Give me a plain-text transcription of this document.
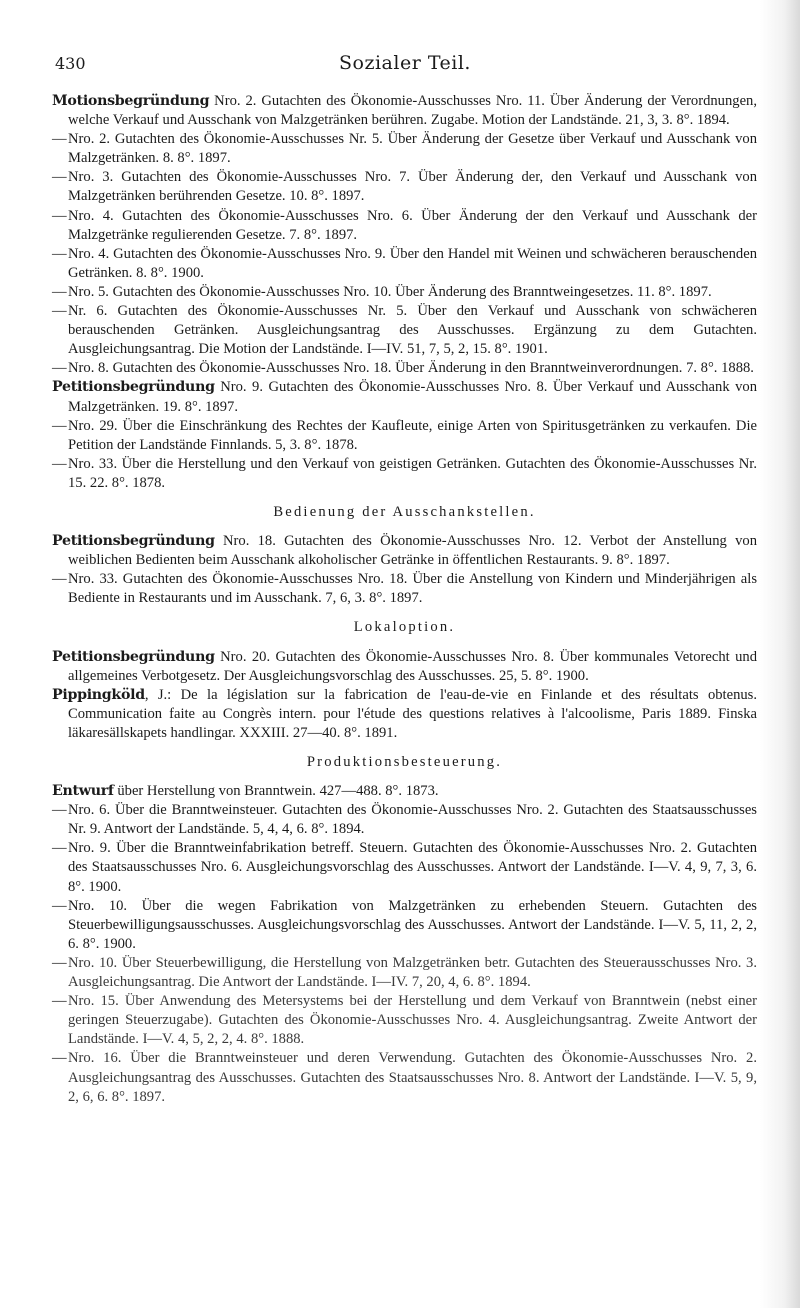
430	Sozialer Teil.

Motionsbegründung Nro. 2. Gutachten des Ökonomie-Ausschusses Nro. 11. Über Änderung der Verordnungen, welche Verkauf und Ausschank von Malzgetränken berühren. Zugabe. Motion der Landstände. 21, 3, 3. 8°. 1894.

—Nro. 2. Gutachten des Ökonomie-Ausschusses Nr. 5. Über Änderung der Gesetze über Verkauf und Ausschank von Malzgetränken. 8. 8°. 1897.

—Nro. 3. Gutachten des Ökonomie-Ausschusses Nro. 7. Über Änderung der, den Verkauf und Ausschank von Malzgetränken berührenden Gesetze. 10. 8°. 1897.

—Nro. 4. Gutachten des Ökonomie-Ausschusses Nro. 6. Über Änderung der den Verkauf und Ausschank der Malzgetränke regulierenden Gesetze. 7. 8°. 1897.

—Nro. 4. Gutachten des Ökonomie-Ausschusses Nro. 9. Über den Handel mit Weinen und schwächeren berauschenden Getränken. 8. 8°. 1900.

—Nro. 5. Gutachten des Ökonomie-Ausschusses Nro. 10. Über Änderung des Branntweingesetzes. 11. 8°. 1897.

—Nr. 6. Gutachten des Ökonomie-Ausschusses Nr. 5. Über den Verkauf und Ausschank von schwächeren berauschenden Getränken. Ausgleichungsantrag des Ausschusses. Ergänzung zu dem Gutachten. Ausgleichungsantrag. Die Motion der Landstände. I—IV. 51, 7, 5, 2, 15. 8°. 1901.

—Nro. 8. Gutachten des Ökonomie-Ausschusses Nro. 18. Über Änderung in den Branntweinverordnungen. 7. 8°. 1888.

Petitionsbegründung Nro. 9. Gutachten des Ökonomie-Ausschusses Nro. 8. Über Verkauf und Ausschank von Malzgetränken. 19. 8°. 1897.

—Nro. 29. Über die Einschränkung des Rechtes der Kaufleute, einige Arten von Spiritusgetränken zu verkaufen. Die Petition der Landstände Finnlands. 5, 3. 8°. 1878.

—Nro. 33. Über die Herstellung und den Verkauf von geistigen Getränken. Gutachten des Ökonomie-Ausschusses Nr. 15. 22. 8°. 1878.

Bedienung der Ausschankstellen.

Petitionsbegründung Nro. 18. Gutachten des Ökonomie-Ausschusses Nro. 12. Verbot der Anstellung von weiblichen Bedienten beim Ausschank alkoholischer Getränke in öffentlichen Restaurants. 9. 8°. 1897.

—Nro. 33. Gutachten des Ökonomie-Ausschusses Nro. 18. Über die Anstellung von Kindern und Minderjährigen als Bediente in Restaurants und im Ausschank. 7, 6, 3. 8°. 1897.

Lokaloption.

Petitionsbegründung Nro. 20. Gutachten des Ökonomie-Ausschusses Nro. 8. Über kommunales Vetorecht und allgemeines Verbotgesetz. Der Ausgleichungsvorschlag des Ausschusses. 25, 5. 8°. 1900.

Pippingköld, J.: De la législation sur la fabrication de l'eau-de-vie en Finlande et des résultats obtenus. Communication faite au Congrès intern. pour l'étude des questions relatives à l'alcoolisme, Paris 1889. Finska läkaresällskapets handlingar. XXXIII. 27—40. 8°. 1891.

Produktionsbesteuerung.

Entwurf über Herstellung von Branntwein. 427—488. 8°. 1873.

—Nro. 6. Über die Branntweinsteuer. Gutachten des Ökonomie-Ausschusses Nro. 2. Gutachten des Staatsausschusses Nr. 9. Antwort der Landstände. 5, 4, 4, 6. 8°. 1894.

—Nro. 9. Über die Branntweinfabrikation betreff. Steuern. Gutachten des Ökonomie-Ausschusses Nro. 2. Gutachten des Staatsausschusses Nro. 6. Ausgleichungsvorschlag des Ausschusses. Antwort der Landstände. I—V. 4, 9, 7, 3, 6. 8°. 1900.

—Nro. 10. Über die wegen Fabrikation von Malzgetränken zu erhebenden Steuern. Gutachten des Steuerbewilligungsausschusses. Ausgleichungsvorschlag des Ausschusses. Antwort der Landstände. I—V. 5, 11, 2, 2, 6. 8°. 1900.

—Nro. 10. Über Steuerbewilligung, die Herstellung von Malzgetränken betr. Gutachten des Steuerausschusses Nro. 3. Ausgleichungsantrag. Die Antwort der Landstände. I—IV. 7, 20, 4, 6. 8°. 1894.

—Nro. 15. Über Anwendung des Metersystems bei der Herstellung und dem Verkauf von Branntwein (nebst einer geringen Steuerzugabe). Gutachten des Ökonomie-Ausschusses Nro. 4. Ausgleichungsantrag. Zweite Antwort der Landstände. I—V. 4, 5, 2, 2, 4. 8°. 1888.

—Nro. 16. Über die Branntweinsteuer und deren Verwendung. Gutachten des Ökonomie-Ausschusses Nro. 2. Ausgleichungsantrag des Ausschusses. Gutachten des Staatsausschusses Nro. 8. Antwort der Landstände. I—V. 5, 9, 2, 6, 6. 8°. 1897.
